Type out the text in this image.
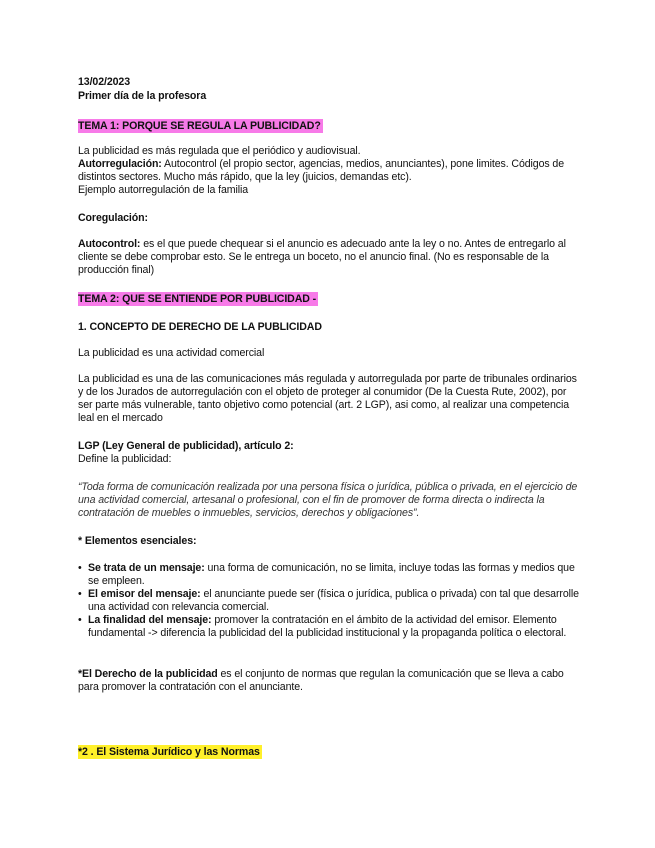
13/02/2023

Primer día de la profesora

TEMA 1: PORQUE SE REGULA LA PUBLICIDAD?

La publicidad es más regulada que el periódico y audiovisual.

Autorregulación: Autocontrol (el propio sector, agencias, medios, anunciantes), pone limites. Códigos de distintos sectores. Mucho más rápido, que la ley (juicios, demandas etc).

Ejemplo autorregulación de la familia

Coregulación:

Autocontrol: es el que puede chequear si el anuncio es adecuado ante la ley o no. Antes de entregarlo al cliente se debe comprobar esto. Se le entrega un boceto, no el anuncio final. (No es responsable de la producción final)

TEMA 2: QUE SE ENTIENDE POR PUBLICIDAD -

1. CONCEPTO DE DERECHO DE LA PUBLICIDAD

La publicidad es una actividad comercial

La publicidad es una de las comunicaciones más regulada y autorregulada por parte de tribunales ordinarios y de los Jurados de autorregulación con el objeto de proteger al conumidor (De la Cuesta Rute, 2002), por ser parte más vulnerable, tanto objetivo como potencial (art. 2 LGP), asi como, al realizar una competencia leal en el mercado

LGP (Ley General de publicidad), artículo 2:

Define la publicidad:

“Toda forma de comunicación realizada por una persona física o jurídica, pública o privada, en el ejercicio de una actividad comercial, artesanal o profesional, con el fin de promover de forma directa o indirecta la contratación de muebles o inmuebles, servicios, derechos y obligaciones”.

* Elementos esenciales:

• Se trata de un mensaje: una forma de comunicación, no se limita, incluye todas las formas y medios que se empleen.
• El emisor del mensaje: el anunciante puede ser (física o jurídica, publica o privada) con tal que desarrolle una actividad con relevancia comercial.
• La finalidad del mensaje: promover la contratación en el ámbito de la actividad del emisor. Elemento fundamental -> diferencia la publicidad del la publicidad institucional y la propaganda política o electoral.

*El Derecho de la publicidad es el conjunto de normas que regulan la comunicación que se lleva a cabo para promover la contratación con el anunciante.

*2 . El Sistema Jurídico y las Normas
